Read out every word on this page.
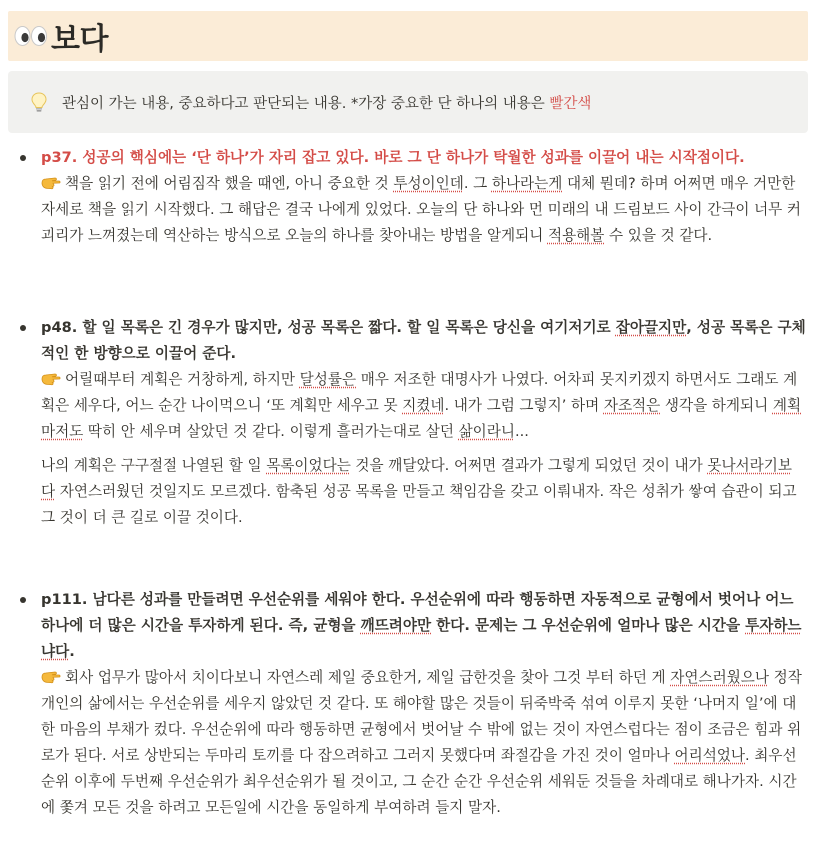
보다
관심이 가는 내용, 중요하다고 판단되는 내용. *가장 중요한 단 하나의 내용은 빨간색
p37. 성공의 핵심에는 ‘단 하나’가 자리 잡고 있다. 바로 그 단 하나가 탁월한 성과를 이끌어 내는 시작점이다.
책을 읽기 전에 어림짐작 했을 때엔, 아니 중요한 것 투성이인데. 그 하나라는게 대체 뭔데? 하며 어쩌면 매우 거만한 자세로 책을 읽기 시작했다. 그 해답은 결국 나에게 있었다. 오늘의 단 하나와 먼 미래의 내 드림보드 사이 간극이 너무 커 괴리가 느껴졌는데 역산하는 방식으로 오늘의 하나를 찾아내는 방법을 알게되니 적용해볼 수 있을 것 같다.
p48. 할 일 목록은 긴 경우가 많지만, 성공 목록은 짧다. 할 일 목록은 당신을 여기저기로 잡아끌지만, 성공 목록은 구체적인 한 방향으로 이끌어 준다.
어릴때부터 계획은 거창하게, 하지만 달성률은 매우 저조한 대명사가 나였다. 어차피 못지키겠지 하면서도 그래도 계획은 세우다, 어느 순간 나이먹으니 ‘또 계획만 세우고 못 지켰네. 내가 그럼 그렇지’ 하며 자조적은 생각을 하게되니 계획마저도 딱히 안 세우며 살았던 것 같다. 이렇게 흘러가는대로 살던 삶이라니...
나의 계획은 구구절절 나열된 할 일 목록이었다는 것을 깨달았다. 어쩌면 결과가 그렇게 되었던 것이 내가 못나서라기보다 자연스러웠던 것일지도 모르겠다. 함축된 성공 목록을 만들고 책임감을 갖고 이뤄내자. 작은 성취가 쌓여 습관이 되고 그 것이 더 큰 길로 이끌 것이다.
p111. 남다른 성과를 만들려면 우선순위를 세워야 한다. 우선순위에 따라 행동하면 자동적으로 균형에서 벗어나 어느 하나에 더 많은 시간을 투자하게 된다. 즉, 균형을 깨뜨려야만 한다. 문제는 그 우선순위에 얼마나 많은 시간을 투자하느냐다.
회사 업무가 많아서 치이다보니 자연스레 제일 중요한거, 제일 급한것을 찾아 그것 부터 하던 게 자연스러웠으나 정작 개인의 삶에서는 우선순위를 세우지 않았던 것 같다. 또 해야할 많은 것들이 뒤죽박죽 섞여 이루지 못한 ‘나머지 일’에 대한 마음의 부채가 컸다. 우선순위에 따라 행동하면 균형에서 벗어날 수 밖에 없는 것이 자연스럽다는 점이 조금은 힘과 위로가 된다. 서로 상반되는 두마리 토끼를 다 잡으려하고 그러지 못했다며 좌절감을 가진 것이 얼마나 어리석었나. 최우선순위 이후에 두번째 우선순위가 최우선순위가 될 것이고, 그 순간 순간 우선순위 세워둔 것들을 차례대로 해나가자. 시간에 쫓겨 모든 것을 하려고 모든일에 시간을 동일하게 부여하려 들지 말자.
